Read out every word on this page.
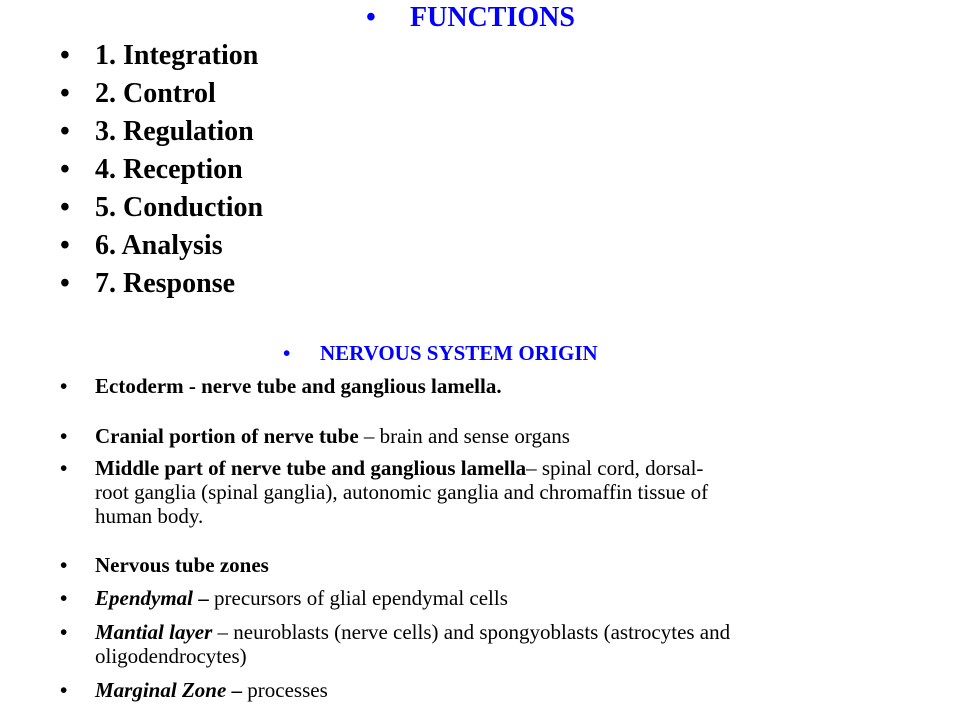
• FUNCTIONS
• 1. Integration
• 2. Control
• 3. Regulation
• 4. Reception
• 5. Conduction
• 6. Analysis
• 7. Response
• NERVOUS SYSTEM ORIGIN
• Ectoderm - nerve tube and ganglious lamella.
• Cranial portion of nerve tube – brain and sense organs
• Middle part of nerve tube and ganglious lamella– spinal cord, dorsal-
root ganglia (spinal ganglia), autonomic ganglia and chromaffin tissue of
human body.
• Nervous tube zones
• Ependymal – precursors of glial ependymal cells
• Mantial layer – neuroblasts (nerve cells) and spongyoblasts (astrocytes and
oligodendrocytes)
• Marginal Zone – processes
